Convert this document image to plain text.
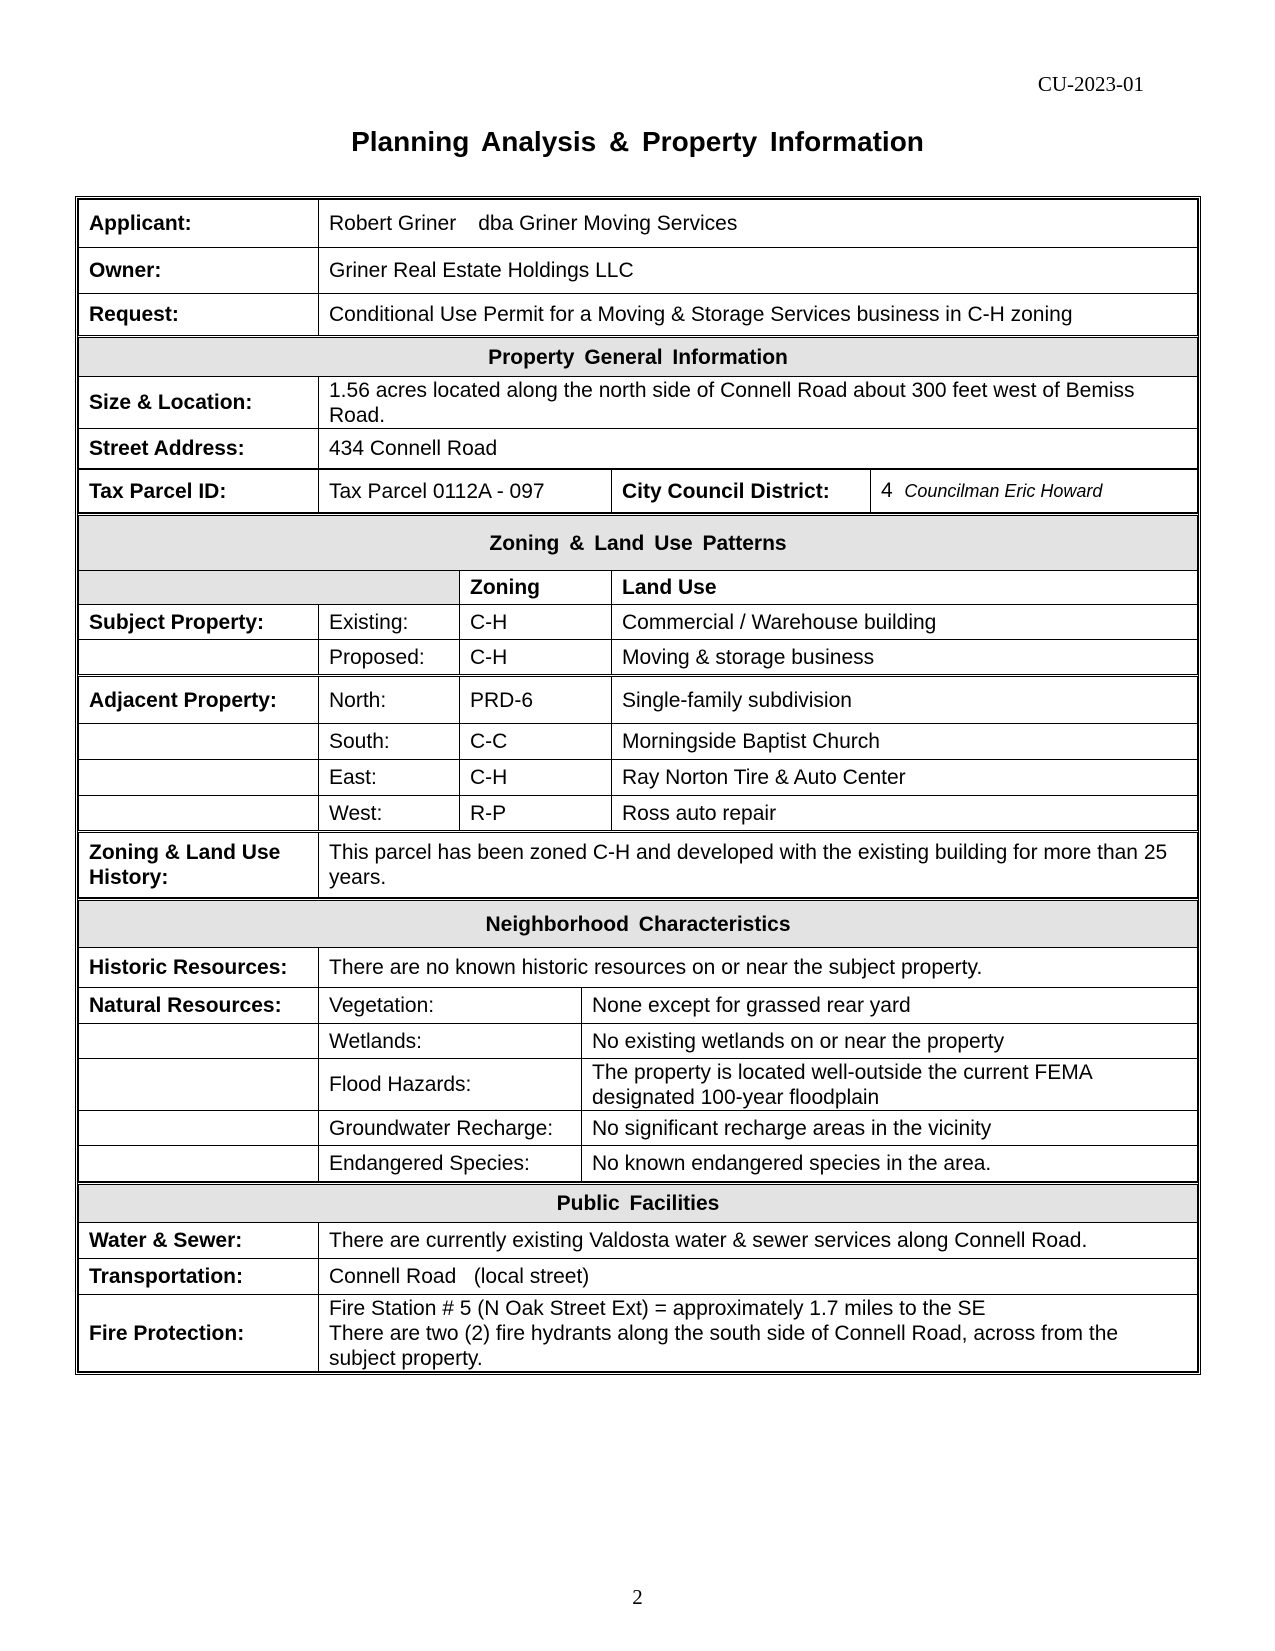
CU-2023-01
Planning Analysis & Property Information
Applicant:	Robert Griner dba Griner Moving Services
Owner:	Griner Real Estate Holdings LLC
Request:	Conditional Use Permit for a Moving & Storage Services business in C-H zoning
Property General Information	
Size & Location:	1.56 acres located along the north side of Connell Road about 300 feet west of Bemiss Road.
Street Address:	434 Connell Road
Tax Parcel ID:	Tax Parcel 0112A - 097	City Council District:	4 Councilman Eric Howard
Zoning & Land Use Patterns			
		Zoning	Land Use
Subject Property:	Existing:	C-H	Commercial / Warehouse building
	Proposed:	C-H	Moving & storage business
Adjacent Property:	North:	PRD-6	Single-family subdivision
	South:	C-C	Morningside Baptist Church
	East:	C-H	Ray Norton Tire & Auto Center
	West:	R-P	Ross auto repair
Zoning & Land Use History:	This parcel has been zoned C-H and developed with the existing building for more than 25 years.		
Neighborhood Characteristics		
Historic Resources:	There are no known historic resources on or near the subject property.	
Natural Resources:	Vegetation:	None except for grassed rear yard
	Wetlands:	No existing wetlands on or near the property
	Flood Hazards:	The property is located well-outside the current FEMA designated 100-year floodplain
	Groundwater Recharge:	No significant recharge areas in the vicinity
	Endangered Species:	No known endangered species in the area.
Public Facilities	
Water & Sewer:	There are currently existing Valdosta water & sewer services along Connell Road.
Transportation:	Connell Road   (local street)
Fire Protection:	Fire Station # 5 (N Oak Street Ext) = approximately 1.7 miles to the SE
There are two (2) fire hydrants along the south side of Connell Road, across from the subject property.
2
